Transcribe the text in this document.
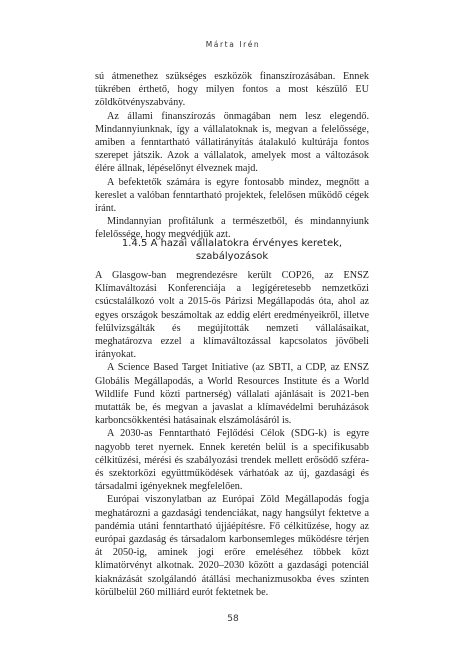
Márta Irén

sú átmenethez szükséges eszközök finanszírozásában. Ennek tükrében érthető, hogy milyen fontos a most készülő EU zöldkötvényszabvány.

Az állami finanszírozás önmagában nem lesz elegendő. Mindannyiunknak, így a vállalatoknak is, megvan a felelőssége, amiben a fenntartható vállatirányítás átalakuló kultúrája fontos szerepet játszik. Azok a vállalatok, amelyek most a változások élére állnak, lépéselőnyt élveznek majd.

A befektetők számára is egyre fontosabb mindez, megnőtt a kereslet a valóban fenntartható projektek, felelősen működő cégek iránt.

Mindannyian profitálunk a természetből, és mindannyiunk felelőssége, hogy megvédjük azt.

1.4.5 A hazai vállalatokra érvényes keretek,
szabályozások

A Glasgow-ban megrendezésre került COP26, az ENSZ Klímaváltozási Konferenciája a legígéretesebb nemzetközi csúcstalálkozó volt a 2015-ös Párizsi Megállapodás óta, ahol az egyes országok beszámoltak az eddig elért eredményeikről, illetve felülvizsgálták és megújították nemzeti vállalásaikat, meghatározva ezzel a klímaváltozással kapcsolatos jövőbeli irányokat.

A Science Based Target Initiative (az SBTI, a CDP, az ENSZ Globális Megállapodás, a World Resources Institute és a World Wildlife Fund közti partnerség) vállalati ajánlásait is 2021-ben mutatták be, és megvan a javaslat a klímavédelmi beruházások karboncsökkentési hatásainak elszámolásáról is.

A 2030-as Fenntartható Fejlődési Célok (SDG-k) is egyre nagyobb teret nyernek. Ennek keretén belül is a specifikusabb célkitűzési, mérési és szabályozási trendek mellett erősödő szféra- és szektorközi együttműködések várhatóak az új, gazdasági és társadalmi igényeknek megfelelően.

Európai viszonylatban az Európai Zöld Megállapodás fogja meghatározni a gazdasági tendenciákat, nagy hangsúlyt fektetve a pandémia utáni fenntartható újjáépítésre. Fő célkitűzése, hogy az európai gazdaság és társadalom karbonsemleges működésre térjen át 2050-ig, aminek jogi erőre emeléséhez többek közt klímatörvényt alkotnak. 2020–2030 között a gazdasági potenciál kiaknázását szolgálandó átállási mechanizmusokba éves szinten körülbelül 260 milliárd eurót fektetnek be.

58
